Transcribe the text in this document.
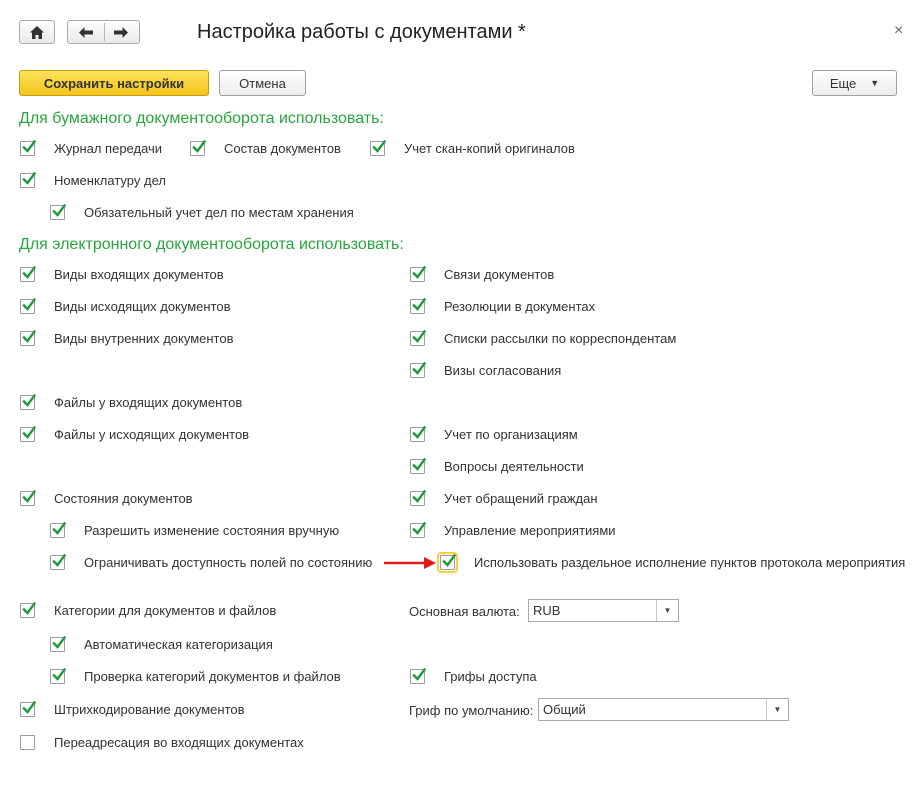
Настройка работы с документами *	×
Сохранить настройки	Отмена	Еще ▼
Для бумажного документооборота использовать:
Журнал передачи	Состав документов	Учет скан-копий оригиналов
Номенклатуру дел
Обязательный учет дел по местам хранения
Для электронного документооборота использовать:
Виды входящих документов
Виды исходящих документов
Виды внутренних документов
Файлы у входящих документов
Файлы у исходящих документов
Состояния документов
Разрешить изменение состояния вручную
Ограничивать доступность полей по состоянию
Категории для документов и файлов
Автоматическая категоризация
Проверка категорий документов и файлов
Штрихкодирование документов
Переадресация во входящих документах
Связи документов
Резолюции в документах
Списки рассылки по корреспондентам
Визы согласования
Учет по организациям
Вопросы деятельности
Учет обращений граждан
Управление мероприятиями
Использовать раздельное исполнение пунктов протокола мероприятия
Основная валюта:	RUB	▼
Грифы доступа
Гриф по умолчанию: Общий	▼
